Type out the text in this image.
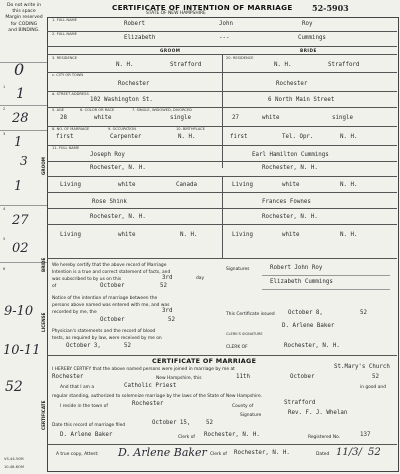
Do not write in
this space
Margin reserved
for CODING
and BINDING.
0
1 1
2
28
3
1
3
1
4
27
5
02
6
9-10
10-11
52
VS-44-50M
10-48-6OM
GROOM
BRIDE
LICENSE
CERTIFICATE
CERTIFICATE OF INTENTION OF MARRIAGE
STATE OF NEW HAMPSHIRE
52-5903
1. FULL NAME
Robert	John	Roy
2. FULL NAME
Elizabeth	---	Cummings
GROOM	BRIDE
3. RESIDENCE
N. H.	Strafford
20. RESIDENCE
N. H.	Strafford
c. CITY OR TOWN
Rochester	Rochester
d. STREET ADDRESS
102 Washington St.	6 North Main Street
5. AGE	6. COLOR OR RACE	7. SINGLE, WIDOWED, DIVORCED
28	white	single	27	white	single
8. NO. OF MARRIAGE	9. OCCUPATION	10. BIRTHPLACE
first	Carpenter	N. H.	first	Tel. Opr.	N. H.
11. FULL NAME
Joseph Roy	Earl Hamilton Cummings
Rochester, N. H.	Rochester, N. H.
Living	white	Canada	Living	white	N. H.
Rose Shink	Frances Fownes
Rochester, N. H.	Rochester, N. H.
Living	white	N. H.	Living	white	N. H.
We hereby certify that the above record of Marriage
Intention is a true and correct statement of facts, and
was subscribed to by us on this	3rd	day
of	October	52
Signatures	Robert John Roy
Elizabeth Cummings
Notice of the intention of marriage between the
persons above named was entered with me, and was
recorded by me, the	3rd
October	52
This Certificate issued October 8,	52
D. Arlene Baker
CLERK'S SIGNATURE
Physician's statements and the record of blood
tests, as required by law, were received by me on
October 3,	52	CLERK OF	Rochester, N. H.
CERTIFICATE OF MARRIAGE
I HEREBY CERTIFY that the above named persons were joined in marriage by me at	St.Mary's Church
Rochester	New Hampshire, this	11th	October	52
And that I am a	Catholic Priest	in good and
regular standing, authorized to solemnize marriage by the laws of the State of New Hampshire.
I reside in the town of	Rochester	County of
Strafford
Signature	Rev. F. J. Whelan
Date this record of marriage filed	October 15,	52
D. Arlene Baker	Clerk of Rochester, N. H.	Registered No.	137
A true copy, Attest: D. Arlene Baker Clerk of Rochester, N. H.	Dated 11/3/ 52
